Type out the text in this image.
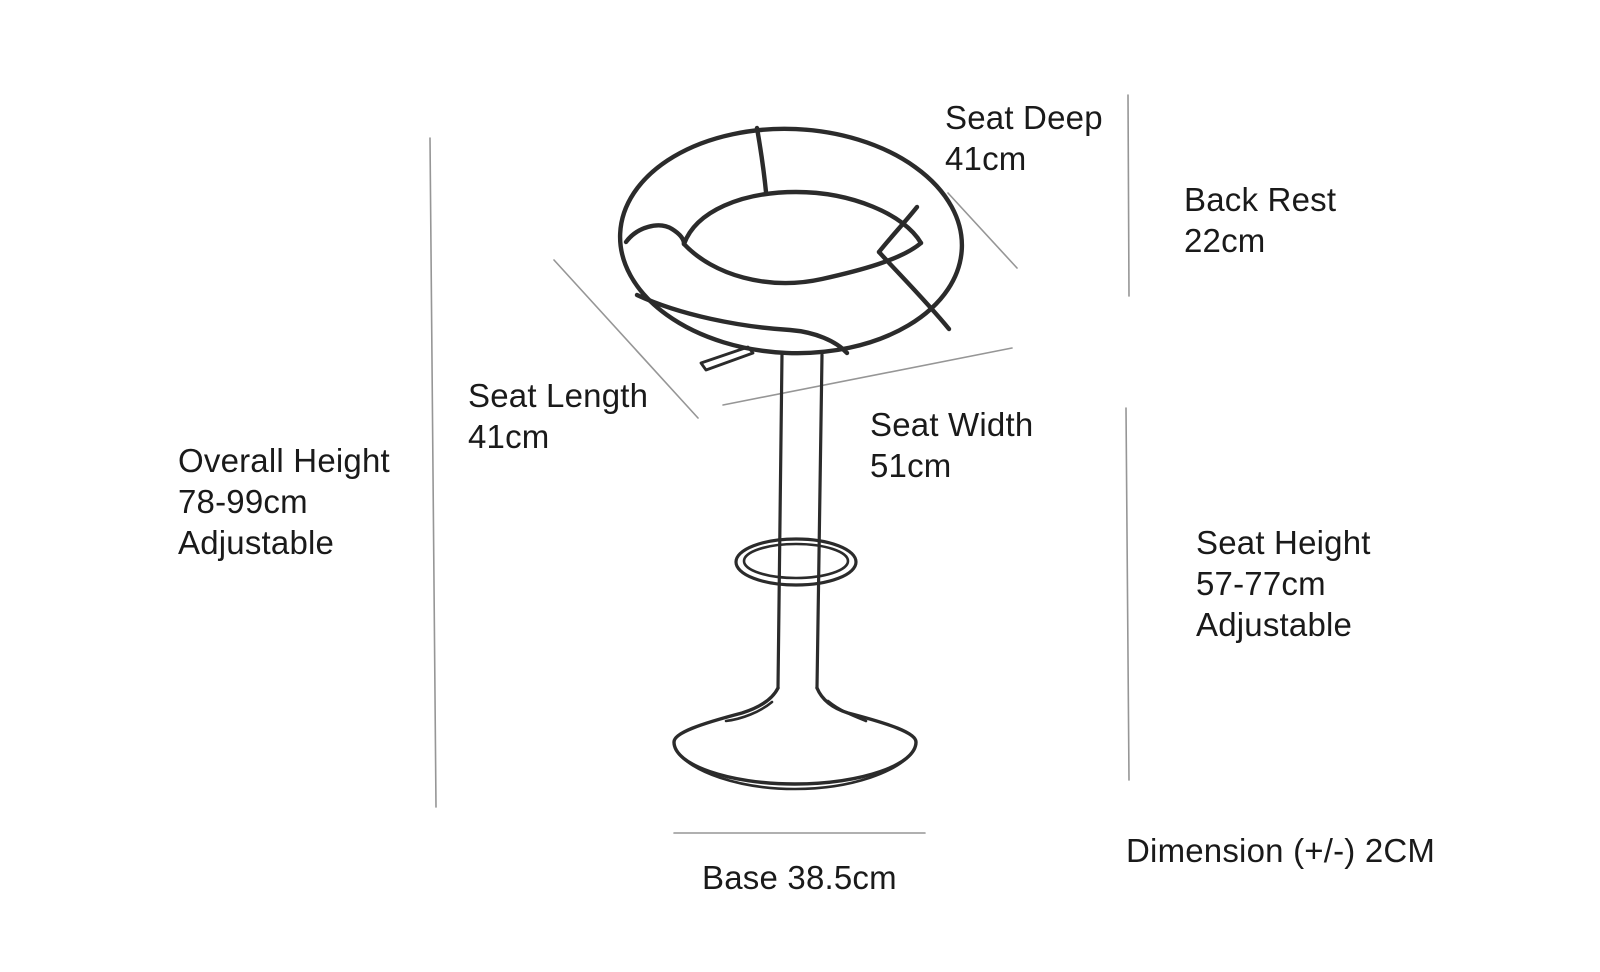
Seat Deep
41cm
Back Rest
22cm
Seat Length
41cm	Seat Width
51cm
Overall Height
78-99cm
Adjustable	Seat Height
57-77cm
Adjustable
Base 38.5cm
Dimension (+/-) 2CM
